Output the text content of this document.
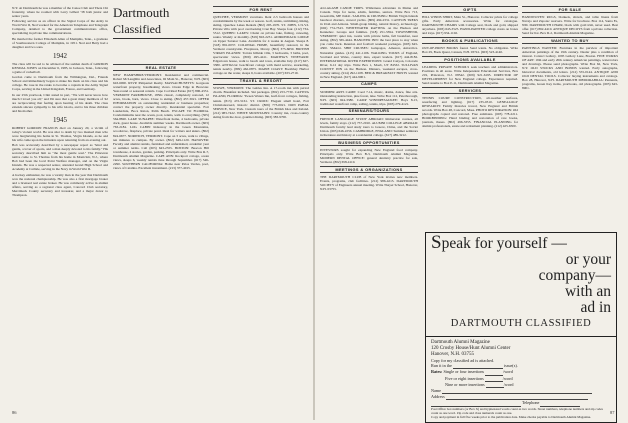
N.Y. At Dartmouth he was a member of the Canoe Club and Theta Chi fraternity, where he roomed with Larry Gilbert '38 both junior and senior years.

Following service as an officer in the Signal Corps of the Army in World War II, Ned worked for the American Telephone and Telegraph Company, detailed to the government communications office, specializing in private line communications.

He married the former Elizabeth Allen of Memphis, Tenn., a graduate of Southwestern College of Memphis, in 1951. Ned and Betty had a daughter and two sons.

1942

The class will be sad to be advised of the sudden death of GORDON KENDAL JONES on December 6, 1985, in Jackson, Tenn., following a game of racketball.

Gordon came to Dartmouth from the Wilmington, Del., Friends School and immediately began to make his mark on his class and his college. He rose in the ranks to become a captain in the Army Signal Corps, serving in the United Kingdom, France, and Germany.

In our 25th yearbook, Clint stated in part, "We will never know how much I loved you all," and I'm sure that a great many members of '42 are reciprocating that feeling upon hearing of his death. The class extends sincere sympathy to his wife Gloria, and to his three children and his mother.

1945

ROBERT GORDON FRANCIS died on January 20, a victim of today's violent world. He was shot to death by two masked men who were burglarizing his home in St. Thomas, Virgin Islands, as he and his wife came upon the intruders upon returning from an evening out.

Bob was accurately described by a newspaper report as "kind and gentle, a lover of sports, and a man deeply devoted to his family." His secretary described him as "the most gentle soul." The Princeton native came to St. Thomas from his home in Montclair, N.J., where Bob had been the local Point Welfare manager, and on the Virgin Islands. He was a respected senior, attended Grand High School and Academy at Carlisle, serving in the Navy in World War II.

A hockey enthusiast, he was a varsity man in the year that Dartmouth won the national championship. He was also a first mortgage broker and a licensed real estate broker. He was commonly active in alumni affairs, serving as a regional class agent, Concord Club secretary, Merrimack County secretary and treasurer, and a major donor to Thompson.

Dartmouth
Classified
REAL ESTATE

NEW HAMPSHIRE/VERMONT. Residential and commercial. Robert McLaughlin and Associates, 92 Main St., Hanover, N.H. (603) 643-6000. RSVP. Pimpernel Realty. MASSACHUSETTS: Gorgeous waterfront property, breathtaking views. Ocean Edge in Brewster. Year-round or seasonal rentals. Cape Cod Real Estate (617) 896-4331. VERMONT FARMHOUSE, 1850s classic, completely restored, 12 acres, brook, barn, views. Close to skiing. (802) 457-3021. OFFER INFORMATION on outstanding residential or business properties; contact the property owner directly. Residential specialist. Fort Lauderdale, Boca Raton, Palm Beach. ESCAPE TO FLORIDA. Condominiums near the ocean, pool, tennis, walk to everything. (305) 564-8820. LAKE SUNAPEE: Waterfront home, 4 bedrooms, private dock, guest house. Available summer weeks. Dartmouth owner. (603) 763-2184. LOG CABIN hideaway in the Green Mountains, woodstove, fireplace, private pond. Ideal for writers and skiers. (802) 824-6677. NORWICH, VERMONT. Cape on 3 acres, walk to village, ten minutes to campus. By owner. (802) 649-1120. HANOVER: Faculty and alumni rentals, furnished and unfurnished, academic year or summer terms. Call (603) 643-2355. BOSTON: Beacon Hill townhouse, 4 stories, garden, parking. Principals only. Write Box R-7, Dartmouth Alumni Magazine. CAPE ANN: Rockport cottage, ocean views, sleeps 6, weekly rentals June through September. (617) 546-2290. SOUTHERN CALIFORNIA: Home near Palos Verdes, pool, views of Catalina. Excellent investment. (213) 377-4015.

FOR RENT

QUECHEE, VERMONT vacations. Rent 2-5 bedroom houses and condominiums by the week or season. Golf, tennis, swimming, hiking, skiing. Quechee Lakes Rentals (802) 295-1970. ST. JOHN, U.S.V.I. Private villa with pool overlooking Cruz Bay. Sleeps four. (212) 734-5512. QUEBEC LAKES: Chalet on private lake, fishing, canoeing, sauna. Weekly or monthly. (819) 843-2231. ADIRONDACK LODGE on Upper Saranac Lake. Available for 4 weeks in August. Sleeps 8. (518) 891-0037. COLONIAL HOME, beautifully restored, in the Vermont countryside. Fireplaces, library. (802) 375-6650. BRITISH VIRGIN ISLANDS: Tortola hillside villa, 3 bedrooms, 3 baths, pool, spectacular views. (809) 495-4411. MARTHA'S VINEYARD: Edgartown house, walk to beach and town, available July. (617) 627-3380. ANTIGUA: beachfront cottage with maid service, snorkeling, tennis nearby. (809) 462-0875. MAINE COAST: Boothbay Harbor cottage on the water, sleeps 6, boats available. (207) 633-2719.

TRAVEL & RESORT

STOWE, VERMONT. The Gables Inn. A 17-room inn with period charm. Breakfast included. Ski packages. (802) 253-7730. CAPTIVA ISLAND, FLORIDA: 'Tween Waters Inn, Gulf-front cottages, fishing, tennis. (813) 472-5161. ST. CROIX: Elegant small hotel, Fort Christiansvaerd, historic district. (809) 773-0021. DON PAHAL SERVICE, New York. Custom tours of the British Isles and Ireland. (212) 983-7422. WHITE MOUNTAINS: Country inn, cross-country skiing from the door, gourmet dining. (603) 383-9700.

86

ALLAGASH CANOE TRIPS. Wilderness adventure in Maine and Canada. Trips for teens, adults, families, seniors. Write Box 713, Greenville, ME 04441. SAILING & CRUISING: British Virgin Islands bareboat charters, crewed yachts. (809) 494-2331. CANYON TREKS in Utah and Arizona. Small-group hiking, natural history, archaeology. (602) 774-7343. WHITEWATER RAFTING on the Hudson and Kennebec. Groups and families. (518) 251-3394. TOWNSHEND, VERMONT: quiet inn, rooms with private baths, full breakfast, near skiing. (802) 365-4444. HANOVER INN: the best place to stay when you come back. Reunion and football weekend packages. (603) 643-4300. SMALL SHIP CRUISES: Galapagos, Amazon, Antarctica. Naturalist guides. (415) 441-1106. WALKING TOURS of England, Scotland and Wales, country inns, expert leaders. (617) 444-8182. INTERNATIONAL RIVER EXPEDITIONS: Grand Canyon, Colorado River, 6-12 day trips. Write Box 1, Moab, UT 84532. SULLIVAN COUNTY INN on the Hudson. Dinners, weekend escapes, cross-country skiing. (914) 292-1108. BED & BREAKFAST HOSTS wanted in New England. (617) 444-9001.

CAMPS

SUMMER ARTS CAMP: Coed 7-14, music, drama, dance, fine arts. Outstanding instruction, pine forest, lake. Write Box 112, Peterborough, N.H. (603) 924-3380. CAMP WINNIPESAUKEE: Boys 8-15, traditional waterfront camp, sailing, tennis, trips. (603) 279-4121.

SEMINARS/TOURS

FRENCH LANGUAGE STUDY ABROAD: Immersion courses, all levels, family stays. (212) 757-2010. ALUMNI COLLEGE ABROAD: Dartmouth faculty lead study tours to Greece, China, and the Soviet Union. (603) 646-2256. CAMBRIDGE, ENGLAND: Summer seminars in literature and history at a residential college. (617) 489-3212.

BUSINESS OPPORTUNITIES

INVESTORS sought for expanding New England food company. Principals only. Write Box B-3, Dartmouth Alumni Magazine. MODERN DENTAL OFFICE: general dentistry practice for sale, Vermont. (802) 658-4110.

MEETINGS & ORGANIZATIONS

THE DARTMOUTH CLUB of New York invites new members. Events, programs, club facilities. (212) 986-4213. DARTMOUTH SOCIETY of Engineers annual meeting. Write Thayer School, Hanover, N.H. 03755.

GIFTS

HILL WINDS SHIRT, Main St., Hanover. Collector prints for college gifts. Early American accessories. Write for catalogue. DARTMOUTH CHAIRS with College seal, black and gold, shipped anywhere. (603) 643-3525. HAND-PAINTED college crests on boxes and trays. (617) 934-1102.

BOOKS & PUBLICATIONS

OUT-OF-PRINT BOOKS found. Send wants. No obligation. Write Box 29, Book Quest, Canaan, N.H. 03741. (603) 523-4140.

POSITIONS AVAILABLE

LEADING PRIVATE SCHOOLS seek teachers and administrators. Positions in all areas. Write Independent Educational Services, Box 219, Princeton, N.J. 08542. (609) 921-6195. DIRECTOR OF DEVELOPMENT for New England college. Experience required. Send resume to Box P-11, Dartmouth Alumni Magazine.

SERVICES

TENNIS COURT CONSTRUCTION, all-weather surfaces, resurfacing and lighting. (617) 235-0310. GENEALOGY RESEARCH: Family histories traced, New England and British records. Write Box 48, Concord, Mass. PHOTO RESTORATION: Old photographs copied and restored. Free estimates. (603) 778-2211. BOOKBINDING: Hand binding and restoration of rare books, journals, theses. (802) 496-3355. FINANCIAL PLANNING for alumni professionals, estate and retirement planning. (212) 425-6500.

FOR SALE

HANDWOVEN RUGS, blankets, shawls, and table linens from Navajo and Zapotec weavers. Write for brochure. Box 114, Santa Fe, NM. DARTMOUTH CHAIR, black with gold trim, never used. Best offer. (617) 862-4410. ANTIQUE DECOYS from a private collection. Send for list. Box D-2, Dartmouth Alumni Magazine.

WANTED TO BUY

PAINTINGS WANTED: Furniture in the purview of important American paintings of the 19th century. Dealer plus a condition of interest. Contact Gallery, 1095 Gallery Lane, Boston. FINE WORKS OF ART: 19th and early 20th century American paintings, watercolors and drawings. Please send photographs. Write Box 62, New York, N.Y. OLD STOCKS AND BONDS wanted. Early autographs, historical documents, old letters. (212) 555-0144. ANTIQUE AND OLD DENTAL TOOLS. Collector buying instruments and catalogs. Box 28, Hanover, N.H. DARTMOUTH MEMORABILIA: Pennants, programs, Green Key items, yearbooks, old photographs. (603) 643-8901.

Speak for yourself —
or your
company—
with an
ad in
DARTMOUTH CLASSIFIED
Dartmouth Alumni Magazine
120 Crosby House/Hunt Alumni Center
Hanover, N.H. 03755
Copy for my classified ad is attached.
Run it in the	issue(s).
Rates: Single or four insertions	/word
Five or eight insertions	/word
Nine or more insertions	/word
Name
Address
Telephone
Post Office box numbers (or Box X) and hyphenated words count as two words. Street numbers, telephone numbers and zip codes count as one word. Zip code and class numerals count as one.
Copy and payment in full five weeks prior to the publication date. Make checks payable to Dartmouth Alumni Magazine.
87
